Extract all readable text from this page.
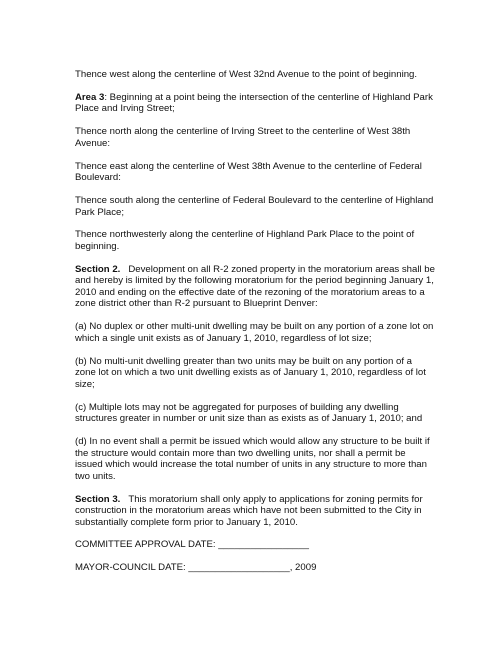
Thence west along the centerline of West 32nd Avenue to the point of beginning.

Area 3: Beginning at a point being the intersection of the centerline of Highland Park Place and Irving Street;

Thence north along the centerline of Irving Street to the centerline of West 38th Avenue:

Thence east along the centerline of West 38th Avenue to the centerline of Federal Boulevard:

Thence south along the centerline of Federal Boulevard to the centerline of Highland Park Place;

Thence northwesterly along the centerline of Highland Park Place to the point of beginning.

Section 2. Development on all R-2 zoned property in the moratorium areas shall be and hereby is limited by the following moratorium for the period beginning January 1, 2010 and ending on the effective date of the rezoning of the moratorium areas to a zone district other than R-2 pursuant to Blueprint Denver:

(a) No duplex or other multi-unit dwelling may be built on any portion of a zone lot on which a single unit exists as of January 1, 2010, regardless of lot size;

(b) No multi-unit dwelling greater than two units may be built on any portion of a zone lot on which a two unit dwelling exists as of January 1, 2010, regardless of lot size;

(c) Multiple lots may not be aggregated for purposes of building any dwelling structures greater in number or unit size than as exists as of January 1, 2010; and

(d) In no event shall a permit be issued which would allow any structure to be built if the structure would contain more than two dwelling units, nor shall a permit be issued which would increase the total number of units in any structure to more than two units.

Section 3. This moratorium shall only apply to applications for zoning permits for construction in the moratorium areas which have not been submitted to the City in substantially complete form prior to January 1, 2010.

COMMITTEE APPROVAL DATE: _________________

MAYOR-COUNCIL DATE: ___________________, 2009
